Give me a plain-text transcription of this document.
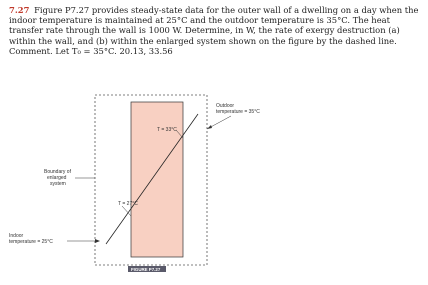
7.27 Figure P7.27 provides steady-state data for the outer wall of a dwelling on a day when the indoor temperature is maintained at 25°C and the outdoor temperature is 35°C. The heat transfer rate through the wall is 1000 W. Determine, in W, the rate of exergy destruction (a) within the wall, and (b) within the enlarged system shown on the figure by the dashed line. Comment. Let T₀ = 35°C. 20.13, 33.56
T = 33°C
T = 27°C
Outdoor
temperature = 35°C
Boundary of
enlarged
system
Indoor
temperature = 25°C
FIGURE P7.27
